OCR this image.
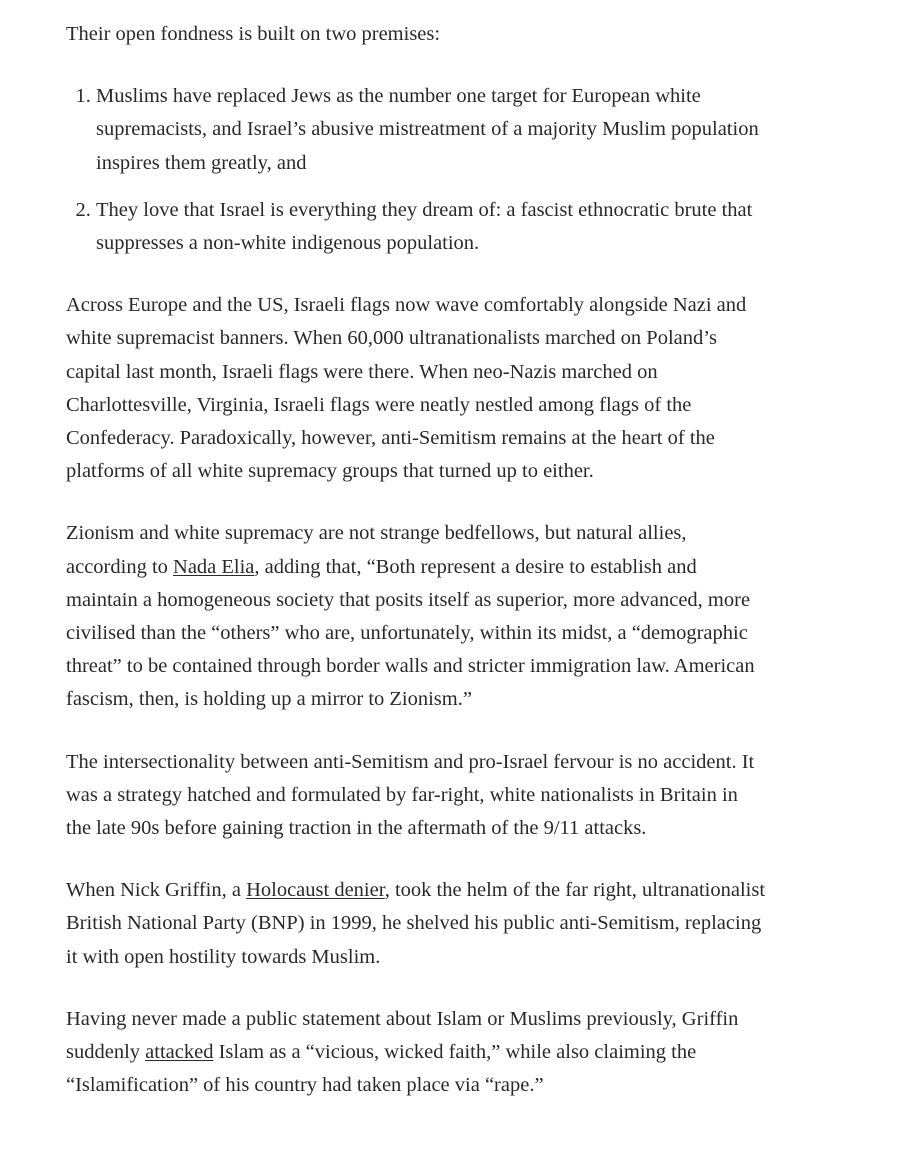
Their open fondness is built on two premises:

1. Muslims have replaced Jews as the number one target for European white supremacists, and Israel’s abusive mistreatment of a majority Muslim population inspires them greatly, and
2. They love that Israel is everything they dream of: a fascist ethnocratic brute that suppresses a non-white indigenous population.

Across Europe and the US, Israeli flags now wave comfortably alongside Nazi and white supremacist banners. When 60,000 ultranationalists marched on Poland’s capital last month, Israeli flags were there. When neo-Nazis marched on Charlottesville, Virginia, Israeli flags were neatly nestled among flags of the Confederacy. Paradoxically, however, anti-Semitism remains at the heart of the platforms of all white supremacy groups that turned up to either.

Zionism and white supremacy are not strange bedfellows, but natural allies, according to Nada Elia, adding that, “Both represent a desire to establish and maintain a homogeneous society that posits itself as superior, more advanced, more civilised than the “others” who are, unfortunately, within its midst, a “demographic threat” to be contained through border walls and stricter immigration law. American fascism, then, is holding up a mirror to Zionism.”

The intersectionality between anti-Semitism and pro-Israel fervour is no accident. It was a strategy hatched and formulated by far-right, white nationalists in Britain in the late 90s before gaining traction in the aftermath of the 9/11 attacks.

When Nick Griffin, a Holocaust denier, took the helm of the far right, ultranationalist British National Party (BNP) in 1999, he shelved his public anti-Semitism, replacing it with open hostility towards Muslim.

Having never made a public statement about Islam or Muslims previously, Griffin suddenly attacked Islam as a “vicious, wicked faith,” while also claiming the “Islamification” of his country had taken place via “rape.”
